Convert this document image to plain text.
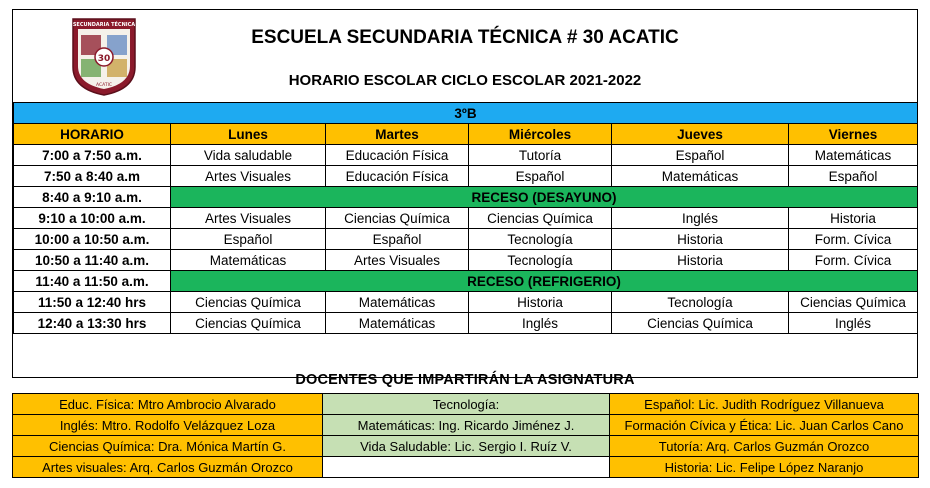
30
SECUNDARIA TÉCNICA
ACATIC
ESCUELA SECUNDARIA TÉCNICA # 30 ACATIC
HORARIO ESCOLAR CICLO ESCOLAR 2021-2022
3ºB					
HORARIO	Lunes	Martes	Miércoles	Jueves	Viernes
7:00 a 7:50 a.m.	Vida saludable	Educación Física	Tutoría	Español	Matemáticas
7:50 a 8:40 a.m	Artes Visuales	Educación Física	Español	Matemáticas	Español
8:40 a 9:10 a.m.	RECESO (DESAYUNO)				
9:10 a 10:00 a.m.	Artes Visuales	Ciencias Química	Ciencias Química	Inglés	Historia
10:00 a 10:50 a.m.	Español	Español	Tecnología	Historia	Form. Cívica
10:50 a 11:40 a.m.	Matemáticas	Artes Visuales	Tecnología	Historia	Form. Cívica
11:40 a 11:50 a.m.	RECESO (REFRIGERIO)				
11:50 a 12:40 hrs	Ciencias Química	Matemáticas	Historia	Tecnología	Ciencias Química
12:40 a 13:30 hrs	Ciencias Química	Matemáticas	Inglés	Ciencias Química	Inglés
DOCENTES QUE IMPARTIRÁN LA ASIGNATURA
Educ. Física: Mtro Ambrocio Alvarado	Tecnología:	Español: Lic. Judith Rodríguez Villanueva
Inglés: Mtro. Rodolfo Velázquez Loza	Matemáticas: Ing. Ricardo Jiménez J.	Formación Cívica y Ética: Lic. Juan Carlos Cano
Ciencias Química: Dra. Mónica Martín G.	Vida Saludable: Lic. Sergio I. Ruíz V.	Tutoría: Arq. Carlos Guzmán Orozco
Artes visuales: Arq. Carlos Guzmán Orozco		Historia: Lic. Felipe López Naranjo
